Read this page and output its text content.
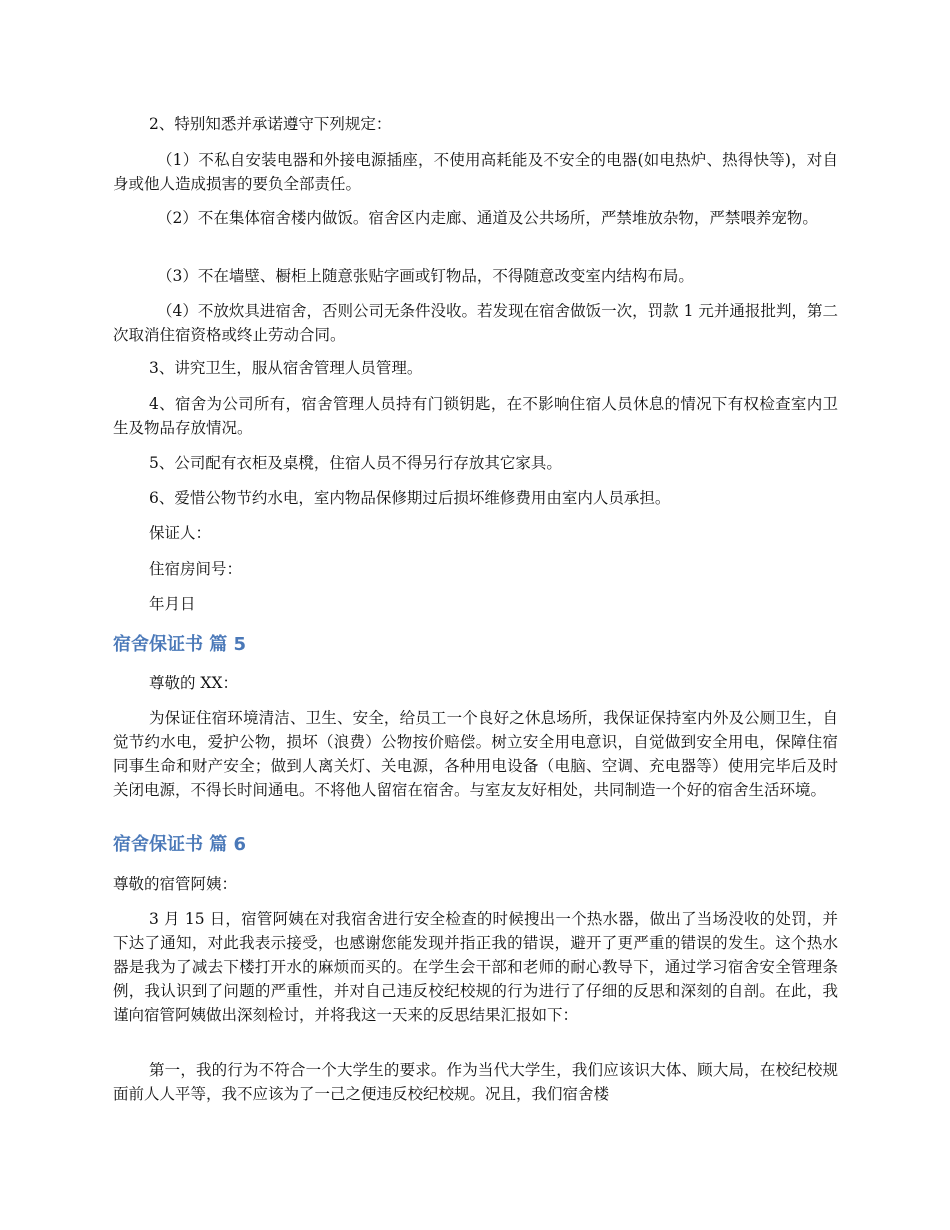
2、特别知悉并承诺遵守下列规定：

（1）不私自安装电器和外接电源插座，不使用高耗能及不安全的电器(如电热炉、热得快等)，对自身或他人造成损害的要负全部责任。

（2）不在集体宿舍楼内做饭。宿舍区内走廊、通道及公共场所，严禁堆放杂物，严禁喂养宠物。

（3）不在墙壁、橱柜上随意张贴字画或钉物品，不得随意改变室内结构布局。

（4）不放炊具进宿舍，否则公司无条件没收。若发现在宿舍做饭一次，罚款 1 元并通报批判，第二次取消住宿资格或终止劳动合同。

3、讲究卫生，服从宿舍管理人员管理。

4、宿舍为公司所有，宿舍管理人员持有门锁钥匙，在不影响住宿人员休息的情况下有权检查室内卫生及物品存放情况。

5、公司配有衣柜及桌櫈，住宿人员不得另行存放其它家具。

6、爱惜公物节约水电，室内物品保修期过后损坏维修费用由室内人员承担。

保证人：

住宿房间号：

年月日

宿舍保证书 篇 5

尊敬的 XX：

为保证住宿环境清洁、卫生、安全，给员工一个良好之休息场所，我保证保持室内外及公厕卫生，自觉节约水电，爱护公物，损坏（浪费）公物按价赔偿。树立安全用电意识，自觉做到安全用电，保障住宿同事生命和财产安全；做到人离关灯、关电源，各种用电设备（电脑、空调、充电器等）使用完毕后及时关闭电源，不得长时间通电。不将他人留宿在宿舍。与室友友好相处，共同制造一个好的宿舍生活环境。

宿舍保证书 篇 6

尊敬的宿管阿姨：

3 月 15 日，宿管阿姨在对我宿舍进行安全检查的时候搜出一个热水器，做出了当场没收的处罚，并下达了通知，对此我表示接受，也感谢您能发现并指正我的错误，避开了更严重的错误的发生。这个热水器是我为了减去下楼打开水的麻烦而买的。在学生会干部和老师的耐心教导下，通过学习宿舍安全管理条例，我认识到了问题的严重性，并对自己违反校纪校规的行为进行了仔细的反思和深刻的自剖。在此，我谨向宿管阿姨做出深刻检讨，并将我这一天来的反思结果汇报如下：

第一，我的行为不符合一个大学生的要求。作为当代大学生，我们应该识大体、顾大局，在校纪校规面前人人平等，我不应该为了一己之便违反校纪校规。况且，我们宿舍楼
